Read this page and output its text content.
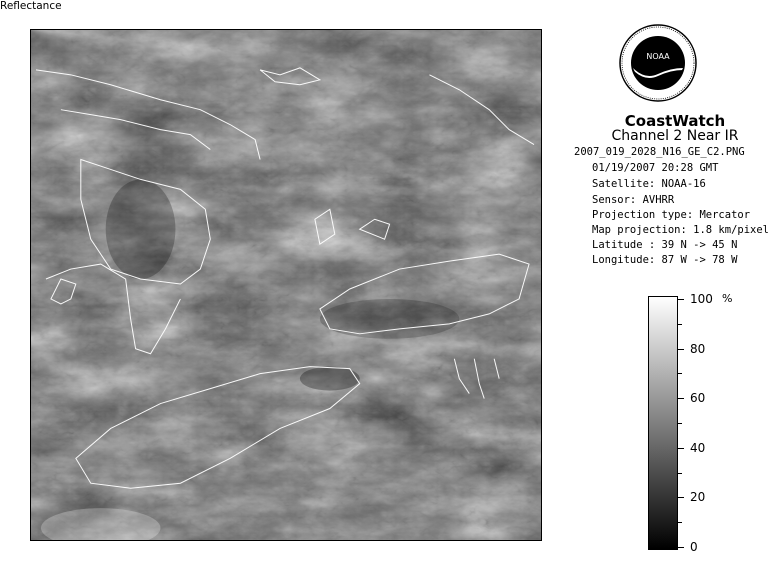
NOAA
CoastWatch
Channel 2 Near IR
2007_019_2028_N16_GE_C2.PNG
01/19/2007 20:28 GMT
Satellite: NOAA-16
Sensor: AVHRR
Projection type: Mercator
Map projection: 1.8 km/pixel
Latitude : 39 N -> 45 N
Longitude: 87 W -> 78 W
Reflectance
%
100
80
60
40
20
0
